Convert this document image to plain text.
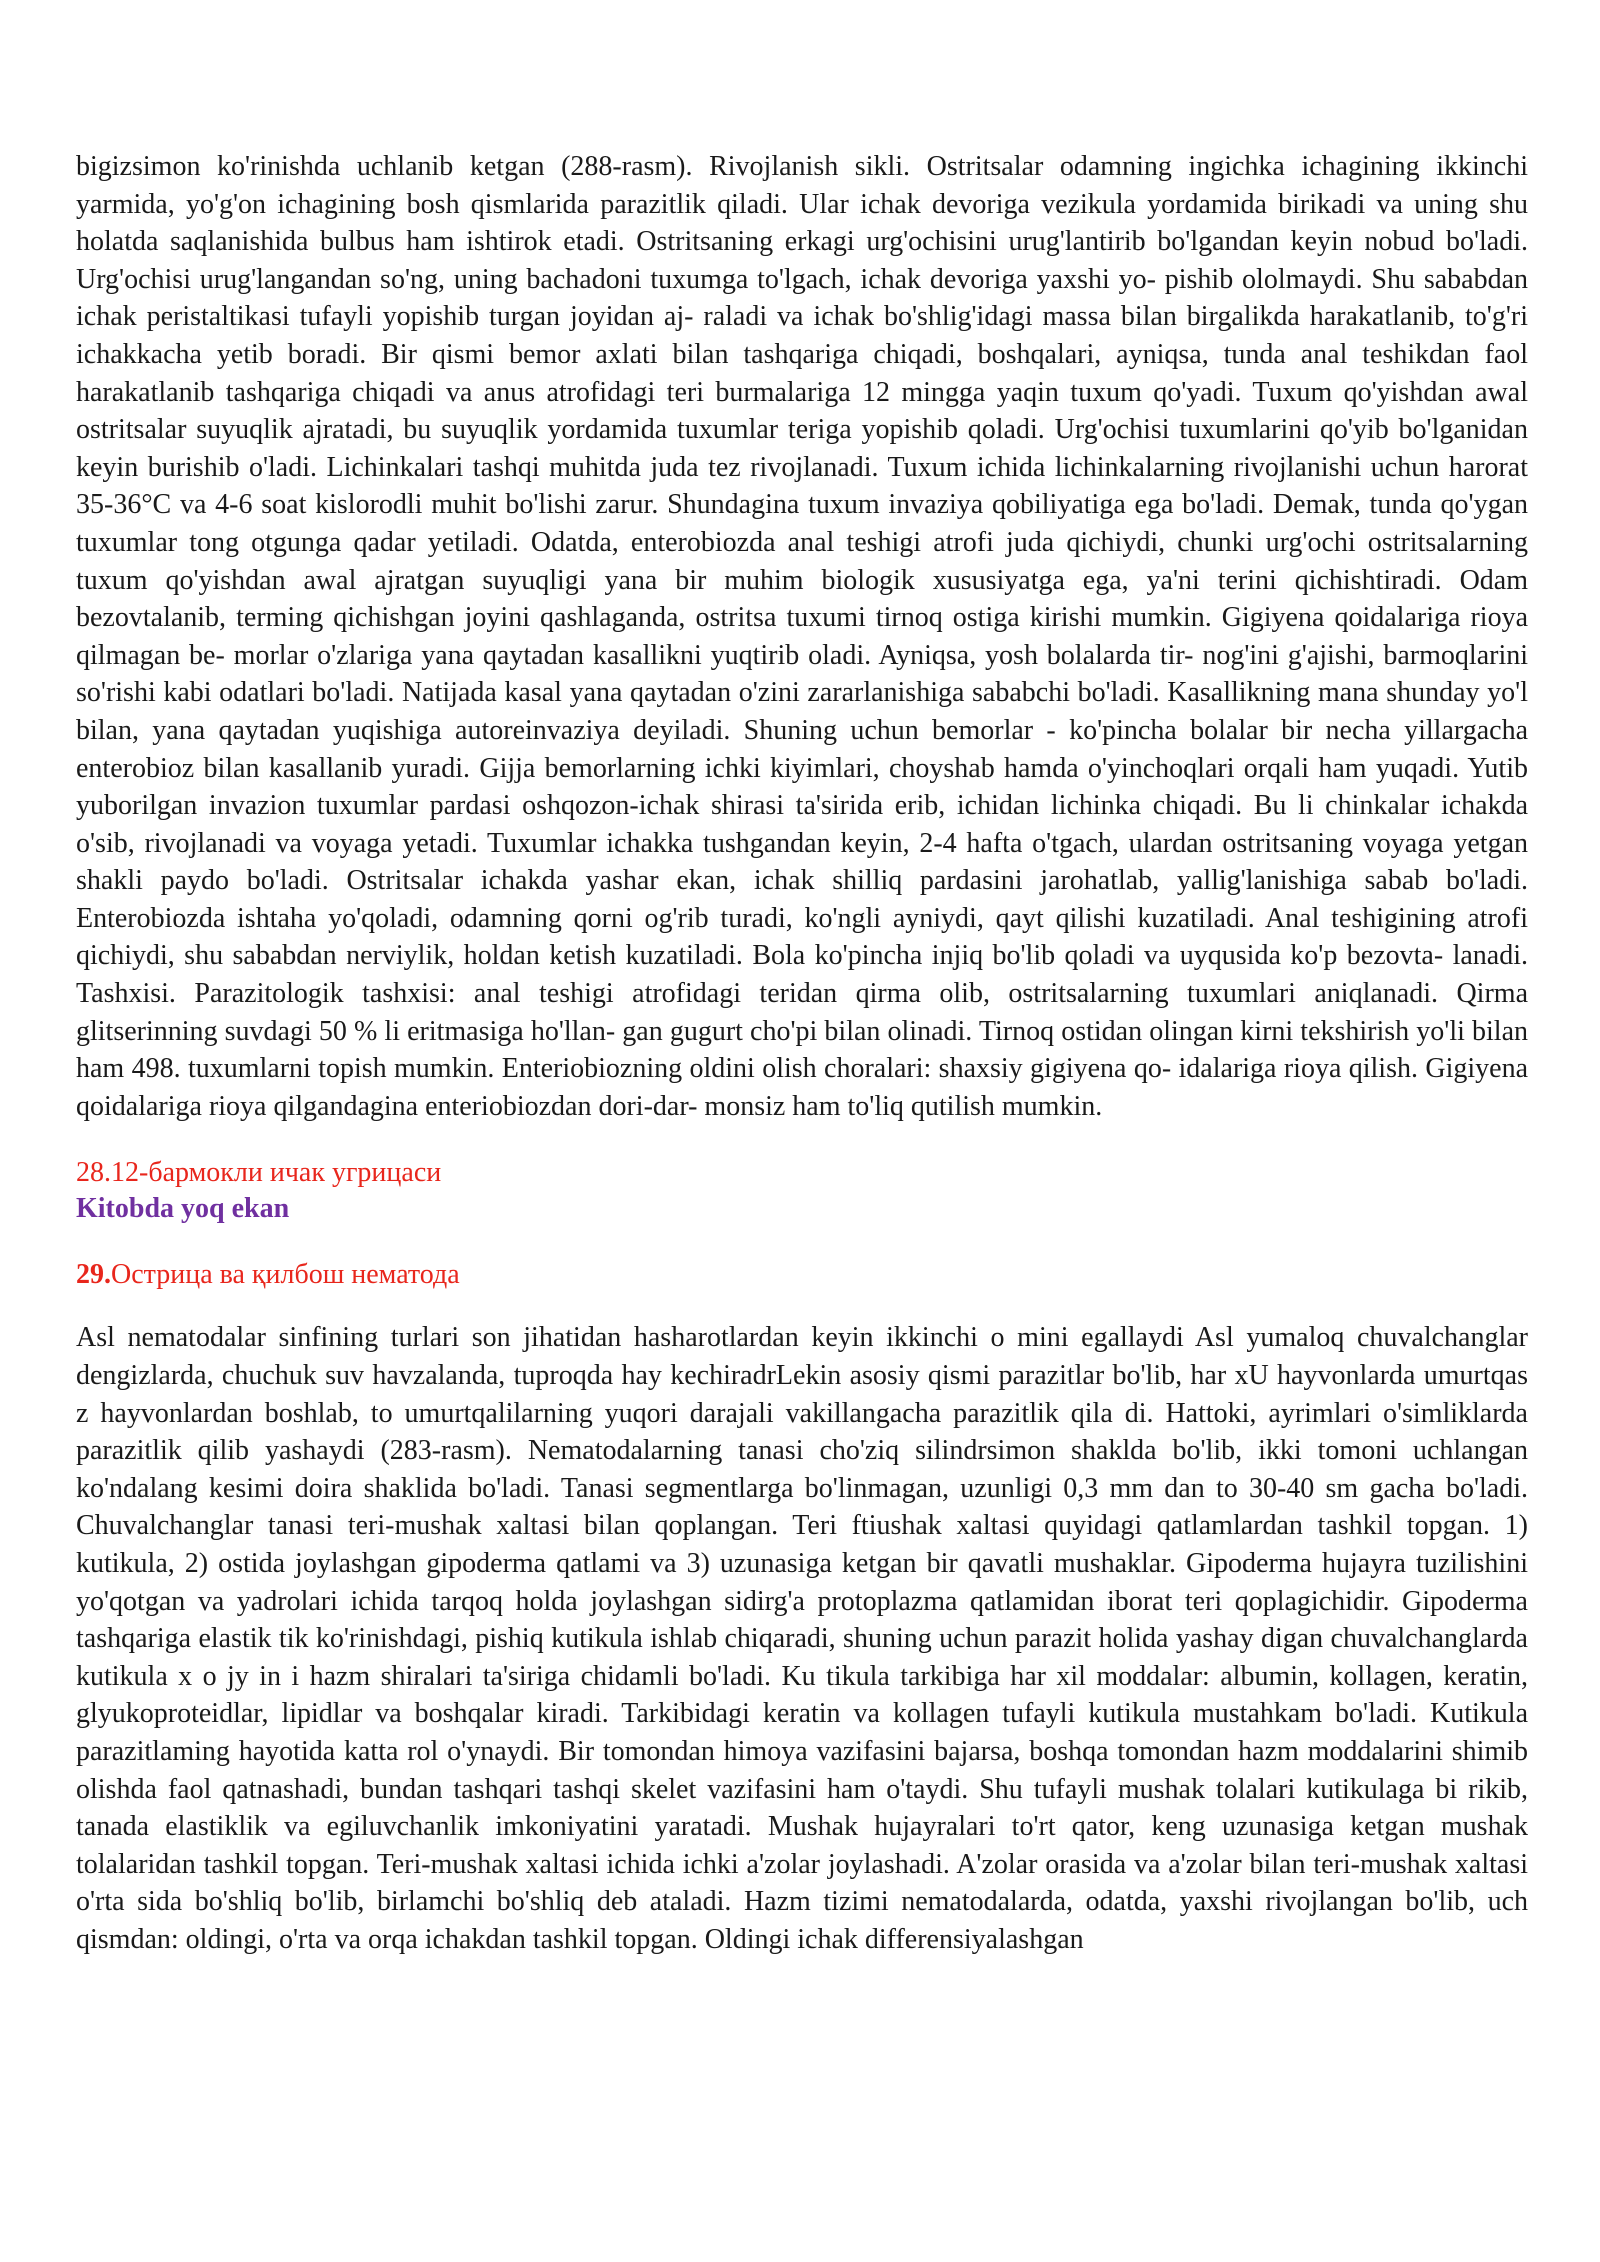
bigizsimon ko'rinishda uchlanib ketgan (288-rasm). Rivojlanish sikli. Ostritsalar odamning ingichka ichagining ikkinchi yarmida, yo'g'on ichagining bosh qismlarida parazitlik qiladi. Ular ichak devoriga vezikula yordamida birikadi va uning shu holatda saqlanishida bulbus ham ishtirok etadi. Ostritsaning erkagi urg'ochisini urug'lantirib bo'lgandan keyin nobud bo'ladi. Urg'ochisi urug'langandan so'ng, uning bachadoni tuxumga to'lgach, ichak devoriga yaxshi yo- pishib ololmaydi. Shu sababdan ichak peristaltikasi tufayli yopishib turgan joyidan aj- raladi va ichak bo'shlig'idagi massa bilan birgalikda harakatlanib, to'g'ri ichakkacha yetib boradi. Bir qismi bemor axlati bilan tashqariga chiqadi, boshqalari, ayniqsa, tunda anal teshikdan faol harakatlanib tashqariga chiqadi va anus atrofidagi teri burmalariga 12 mingga yaqin tuxum qo'yadi. Tuxum qo'yishdan awal ostritsalar suyuqlik ajratadi, bu suyuqlik yordamida tuxumlar teriga yopishib qoladi. Urg'ochisi tuxumlarini qo'yib bo'lganidan keyin burishib o'ladi. Lichinkalari tashqi muhitda juda tez rivojlanadi. Tuxum ichida lichinkalarning rivojlanishi uchun harorat 35-36°C va 4-6 soat kislorodli muhit bo'lishi zarur. Shundagina tuxum invaziya qobiliyatiga ega bo'ladi. Demak, tunda qo'ygan tuxumlar tong otgunga qadar yetiladi. Odatda, enterobiozda anal teshigi atrofi juda qichiydi, chunki urg'ochi ostritsalarning tuxum qo'yishdan awal ajratgan suyuqligi yana bir muhim biologik xususiyatga ega, ya'ni terini qichishtiradi. Odam bezovtalanib, terming qichishgan joyini qashlaganda, ostritsa tuxumi tirnoq ostiga kirishi mumkin. Gigiyena qoidalariga rioya qilmagan be- morlar o'zlariga yana qaytadan kasallikni yuqtirib oladi. Ayniqsa, yosh bolalarda tir- nog'ini g'ajishi, barmoqlarini so'rishi kabi odatlari bo'ladi. Natijada kasal yana qaytadan o'zini zararlanishiga sababchi bo'ladi. Kasallikning mana shunday yo'l bilan, yana qaytadan yuqishiga autoreinvaziya deyiladi. Shuning uchun bemorlar - ko'pincha bolalar bir necha yillargacha enterobioz bilan kasallanib yuradi. Gijja bemorlarning ichki kiyimlari, choyshab hamda o'yinchoqlari orqali ham yuqadi. Yutib yuborilgan invazion tuxumlar pardasi oshqozon-ichak shirasi ta'sirida erib, ichidan lichinka chiqadi. Bu li chinkalar ichakda o'sib, rivojlanadi va voyaga yetadi. Tuxumlar ichakka tushgandan keyin, 2-4 hafta o'tgach, ulardan ostritsaning voyaga yetgan shakli paydo bo'ladi. Ostritsalar ichakda yashar ekan, ichak shilliq pardasini jarohatlab, yallig'lanishiga sabab bo'ladi. Enterobiozda ishtaha yo'qoladi, odamning qorni og'rib turadi, ko'ngli ayniydi, qayt qilishi kuzatiladi. Anal teshigining atrofi qichiydi, shu sababdan nerviylik, holdan ketish kuzatiladi. Bola ko'pincha injiq bo'lib qoladi va uyqusida ko'p bezovta- lanadi. Tashxisi. Parazitologik tashxisi: anal teshigi atrofidagi teridan qirma olib, ostritsalarning tuxumlari aniqlanadi. Qirma glitserinning suvdagi 50 % li eritmasiga ho'llan- gan gugurt cho'pi bilan olinadi. Tirnoq ostidan olingan kirni tekshirish yo'li bilan ham 498. tuxumlarni topish mumkin. Enteriobiozning oldini olish choralari: shaxsiy gigiyena qo- idalariga rioya qilish. Gigiyena qoidalariga rioya qilgandagina enteriobiozdan dori-dar- monsiz ham to'liq qutilish mumkin.

28.12-бармокли ичак угрицаси

Kitobda yoq ekan

29.Острица ва қилбош нематода

Asl nematodalar sinfining turlari son jihatidan hasharotlardan keyin ikkinchi o mini egallaydi Asl yumaloq chuvalchanglar dengizlarda, chuchuk suv havzalanda, tuproqda hay kechiradrLekin asosiy qismi parazitlar bo'lib, har xU hayvonlarda umurtqas z hayvonlardan boshlab, to umurtqalilarning yuqori darajali vakillangacha parazitlik qila di. Hattoki, ayrimlari o'simliklarda parazitlik qilib yashaydi (283-rasm). Nematodalarning tanasi cho'ziq silindrsimon shaklda bo'lib, ikki tomoni uchlangan ko'ndalang kesimi doira shaklida bo'ladi. Tanasi segmentlarga bo'linmagan, uzunligi 0,3 mm dan to 30-40 sm gacha bo'ladi. Chuvalchanglar tanasi teri-mushak xaltasi bilan qoplangan. Teri ftiushak xaltasi quyidagi qatlamlardan tashkil topgan. 1) kutikula, 2) ostida joylashgan gipoderma qatlami va 3) uzunasiga ketgan bir qavatli mushaklar. Gipoderma hujayra tuzilishini yo'qotgan va yadrolari ichida tarqoq holda joylashgan sidirg'a protoplazma qatlamidan iborat teri qoplagichidir. Gipoderma tashqariga elastik tik ko'rinishdagi, pishiq kutikula ishlab chiqaradi, shuning uchun parazit holida yashay digan chuvalchanglarda kutikula x o jy in i hazm shiralari ta'siriga chidamli bo'ladi. Ku tikula tarkibiga har xil moddalar: albumin, kollagen, keratin, glyukoproteidlar, lipidlar va boshqalar kiradi. Tarkibidagi keratin va kollagen tufayli kutikula mustahkam bo'ladi. Kutikula parazitlaming hayotida katta rol o'ynaydi. Bir tomondan himoya vazifasini bajarsa, boshqa tomondan hazm moddalarini shimib olishda faol qatnashadi, bundan tashqari tashqi skelet vazifasini ham o'taydi. Shu tufayli mushak tolalari kutikulaga bi rikib, tanada elastiklik va egiluvchanlik imkoniyatini yaratadi. Mushak hujayralari to'rt qator, keng uzunasiga ketgan mushak tolalaridan tashkil topgan. Teri-mushak xaltasi ichida ichki a'zolar joylashadi. A'zolar orasida va a'zolar bilan teri-mushak xaltasi o'rta sida bo'shliq bo'lib, birlamchi bo'shliq deb ataladi. Hazm tizimi nematodalarda, odatda, yaxshi rivojlangan bo'lib, uch qismdan: oldingi, o'rta va orqa ichakdan tashkil topgan. Oldingi ichak differensiyalashgan
